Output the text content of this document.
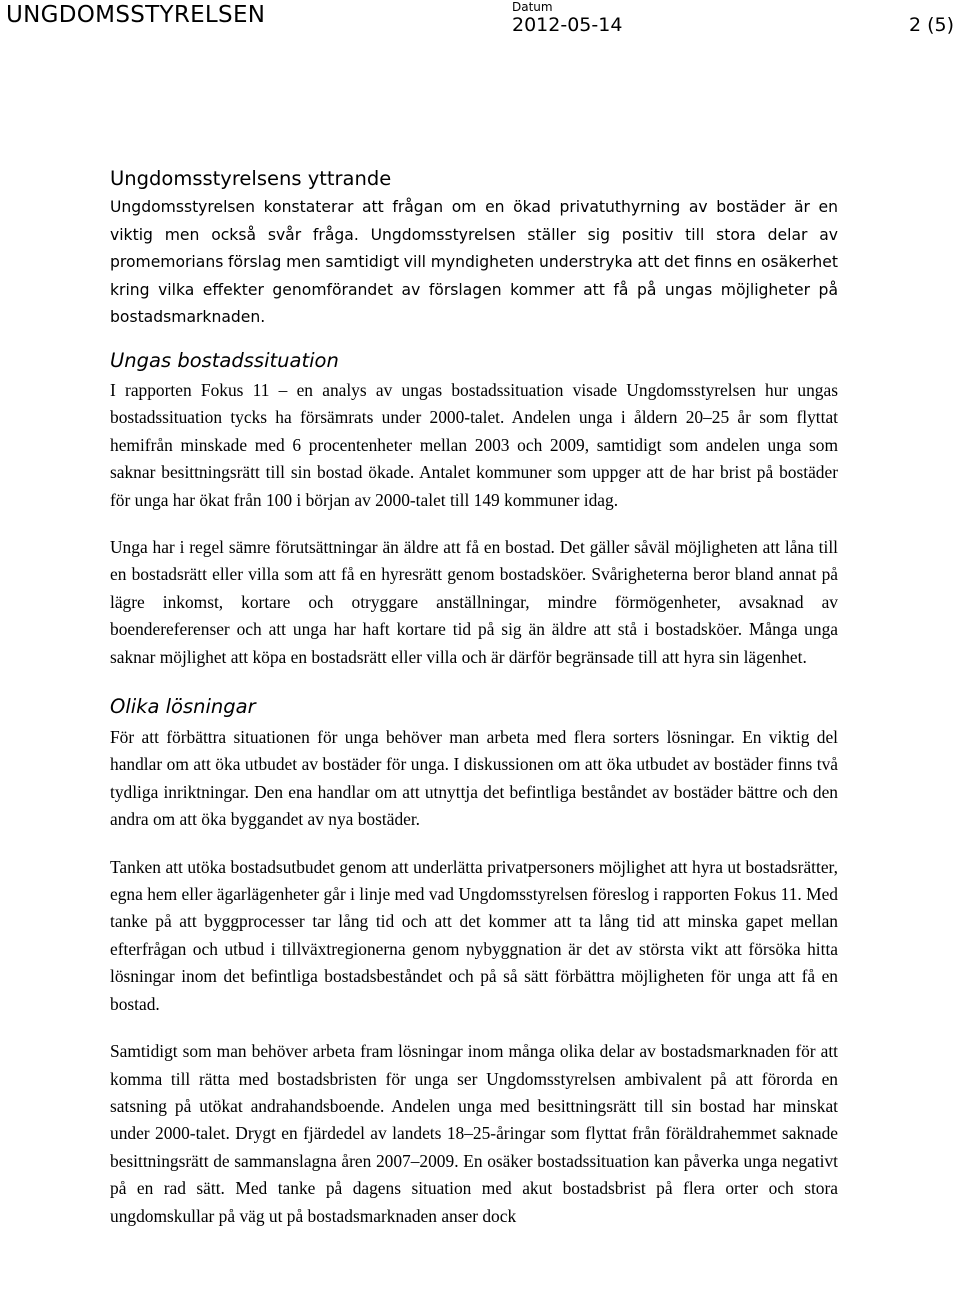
UNGDOMSSTYRELSEN	Datum
2012-05-14	2 (5)
Ungdomsstyrelsens yttrande

Ungdomsstyrelsen konstaterar att frågan om en ökad privatuthyrning av bostäder är en viktig men också svår fråga. Ungdomsstyrelsen ställer sig positiv till stora delar av promemorians förslag men samtidigt vill myndigheten understryka att det finns en osäkerhet kring vilka effekter genomförandet av förslagen kommer att få på ungas möjligheter på bostadsmarknaden.

Ungas bostadssituation

I rapporten Fokus 11 – en analys av ungas bostadssituation visade Ungdomsstyrelsen hur ungas bostadssituation tycks ha försämrats under 2000-talet. Andelen unga i åldern 20–25 år som flyttat hemifrån minskade med 6 procentenheter mellan 2003 och 2009, samtidigt som andelen unga som saknar besittningsrätt till sin bostad ökade. Antalet kommuner som uppger att de har brist på bostäder för unga har ökat från 100 i början av 2000-talet till 149 kommuner idag.

Unga har i regel sämre förutsättningar än äldre att få en bostad. Det gäller såväl möjligheten att låna till en bostadsrätt eller villa som att få en hyresrätt genom bostadsköer. Svårigheterna beror bland annat på lägre inkomst, kortare och otryggare anställningar, mindre förmögenheter, avsaknad av boendereferenser och att unga har haft kortare tid på sig än äldre att stå i bostadsköer. Många unga saknar möjlighet att köpa en bostadsrätt eller villa och är därför begränsade till att hyra sin lägenhet.

Olika lösningar

För att förbättra situationen för unga behöver man arbeta med flera sorters lösningar. En viktig del handlar om att öka utbudet av bostäder för unga. I diskussionen om att öka utbudet av bostäder finns två tydliga inriktningar. Den ena handlar om att utnyttja det befintliga beståndet av bostäder bättre och den andra om att öka byggandet av nya bostäder.

Tanken att utöka bostadsutbudet genom att underlätta privatpersoners möjlighet att hyra ut bostadsrätter, egna hem eller ägarlägenheter går i linje med vad Ungdomsstyrelsen föreslog i rapporten Fokus 11. Med tanke på att byggprocesser tar lång tid och att det kommer att ta lång tid att minska gapet mellan efterfrågan och utbud i tillväxtregionerna genom nybyggnation är det av största vikt att försöka hitta lösningar inom det befintliga bostadsbeståndet och på så sätt förbättra möjligheten för unga att få en bostad.

Samtidigt som man behöver arbeta fram lösningar inom många olika delar av bostadsmarknaden för att komma till rätta med bostadsbristen för unga ser Ungdomsstyrelsen ambivalent på att förorda en satsning på utökat andrahandsboende. Andelen unga med besittningsrätt till sin bostad har minskat under 2000-talet. Drygt en fjärdedel av landets 18–25-åringar som flyttat från föräldrahemmet saknade besittningsrätt de sammanslagna åren 2007–2009. En osäker bostadssituation kan påverka unga negativt på en rad sätt. Med tanke på dagens situation med akut bostadsbrist på flera orter och stora ungdomskullar på väg ut på bostadsmarknaden anser dock
